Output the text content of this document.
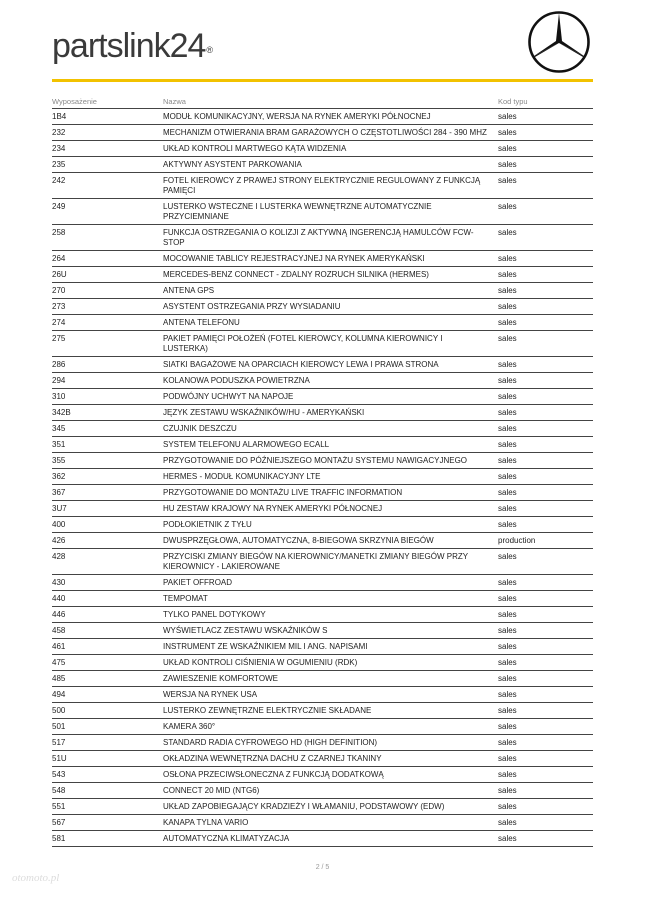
partslink24®
Wyposażenie	Nazwa	Kod typu
1B4	MODUŁ KOMUNIKACYJNY, WERSJA NA RYNEK AMERYKI PÓŁNOCNEJ	sales
232	MECHANIZM OTWIERANIA BRAM GARAŻOWYCH O CZĘSTOTLIWOŚCI 284 - 390 MHZ	sales
234	UKŁAD KONTROLI MARTWEGO KĄTA WIDZENIA	sales
235	AKTYWNY ASYSTENT PARKOWANIA	sales
242	FOTEL KIEROWCY Z PRAWEJ STRONY ELEKTRYCZNIE REGULOWANY Z FUNKCJĄ PAMIĘCI	sales
249	LUSTERKO WSTECZNE I LUSTERKA WEWNĘTRZNE AUTOMATYCZNIE PRZYCIEMNIANE	sales
258	FUNKCJA OSTRZEGANIA O KOLIZJI Z AKTYWNĄ INGERENCJĄ HAMULCÓW FCW-STOP	sales
264	MOCOWANIE TABLICY REJESTRACYJNEJ NA RYNEK AMERYKAŃSKI	sales
26U	MERCEDES-BENZ CONNECT - ZDALNY ROZRUCH SILNIKA (HERMES)	sales
270	ANTENA GPS	sales
273	ASYSTENT OSTRZEGANIA PRZY WYSIADANIU	sales
274	ANTENA TELEFONU	sales
275	PAKIET PAMIĘCI POŁOŻEŃ (FOTEL KIEROWCY, KOLUMNA KIEROWNICY I LUSTERKA)	sales
286	SIATKI BAGAŻOWE NA OPARCIACH KIEROWCY LEWA I PRAWA STRONA	sales
294	KOLANOWA PODUSZKA POWIETRZNA	sales
310	PODWÓJNY UCHWYT NA NAPOJE	sales
342B	JĘZYK ZESTAWU WSKAŹNIKÓW/HU - AMERYKAŃSKI	sales
345	CZUJNIK DESZCZU	sales
351	SYSTEM TELEFONU ALARMOWEGO ECALL	sales
355	PRZYGOTOWANIE DO PÓŹNIEJSZEGO MONTAŻU SYSTEMU NAWIGACYJNEGO	sales
362	HERMES - MODUŁ KOMUNIKACYJNY LTE	sales
367	PRZYGOTOWANIE DO MONTAŻU LIVE TRAFFIC INFORMATION	sales
3U7	HU ZESTAW KRAJOWY NA RYNEK AMERYKI PÓŁNOCNEJ	sales
400	PODŁOKIETNIK Z TYŁU	sales
426	DWUSPRZĘGŁOWA, AUTOMATYCZNA, 8-BIEGOWA SKRZYNIA BIEGÓW	production
428	PRZYCISKI ZMIANY BIEGÓW NA KIEROWNICY/MANETKI ZMIANY BIEGÓW PRZY KIEROWNICY - LAKIEROWANE	sales
430	PAKIET OFFROAD	sales
440	TEMPOMAT	sales
446	TYLKO PANEL DOTYKOWY	sales
458	WYŚWIETLACZ ZESTAWU WSKAŹNIKÓW S	sales
461	INSTRUMENT ZE WSKAŹNIKIEM MIL I ANG. NAPISAMI	sales
475	UKŁAD KONTROLI CIŚNIENIA W OGUMIENIU (RDK)	sales
485	ZAWIESZENIE KOMFORTOWE	sales
494	WERSJA NA RYNEK USA	sales
500	LUSTERKO ZEWNĘTRZNE ELEKTRYCZNIE SKŁADANE	sales
501	KAMERA 360°	sales
517	STANDARD RADIA CYFROWEGO HD (HIGH DEFINITION)	sales
51U	OKŁADZINA WEWNĘTRZNA DACHU Z CZARNEJ TKANINY	sales
543	OSŁONA PRZECIWSŁONECZNA Z FUNKCJĄ DODATKOWĄ	sales
548	CONNECT 20 MID (NTG6)	sales
551	UKŁAD ZAPOBIEGAJĄCY KRADZIEŻY I WŁAMANIU, PODSTAWOWY (EDW)	sales
567	KANAPA TYLNA VARIO	sales
581	AUTOMATYCZNA KLIMATYZACJA	sales
2 / 5
otomoto.pl
